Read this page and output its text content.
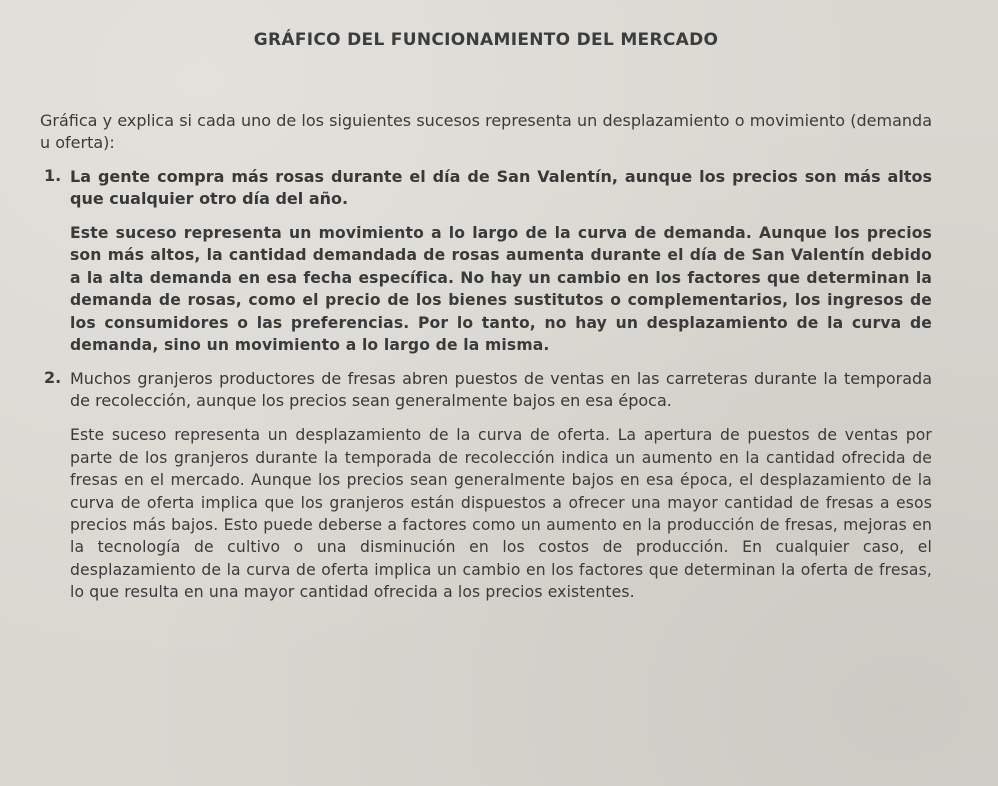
GRÁFICO DEL FUNCIONAMIENTO DEL MERCADO

Gráfica y explica si cada uno de los siguientes sucesos representa un desplazamiento o movimiento (demanda u oferta):

1. La gente compra más rosas durante el día de San Valentín, aunque los precios son más altos que cualquier otro día del año.

Este suceso representa un movimiento a lo largo de la curva de demanda. Aunque los precios son más altos, la cantidad demandada de rosas aumenta durante el día de San Valentín debido a la alta demanda en esa fecha específica. No hay un cambio en los factores que determinan la demanda de rosas, como el precio de los bienes sustitutos o complementarios, los ingresos de los consumidores o las preferencias. Por lo tanto, no hay un desplazamiento de la curva de demanda, sino un movimiento a lo largo de la misma.

2. Muchos granjeros productores de fresas abren puestos de ventas en las carreteras durante la temporada de recolección, aunque los precios sean generalmente bajos en esa época.

Este suceso representa un desplazamiento de la curva de oferta. La apertura de puestos de ventas por parte de los granjeros durante la temporada de recolección indica un aumento en la cantidad ofrecida de fresas en el mercado. Aunque los precios sean generalmente bajos en esa época, el desplazamiento de la curva de oferta implica que los granjeros están dispuestos a ofrecer una mayor cantidad de fresas a esos precios más bajos. Esto puede deberse a factores como un aumento en la producción de fresas, mejoras en la tecnología de cultivo o una disminución en los costos de producción. En cualquier caso, el desplazamiento de la curva de oferta implica un cambio en los factores que determinan la oferta de fresas, lo que resulta en una mayor cantidad ofrecida a los precios existentes.
